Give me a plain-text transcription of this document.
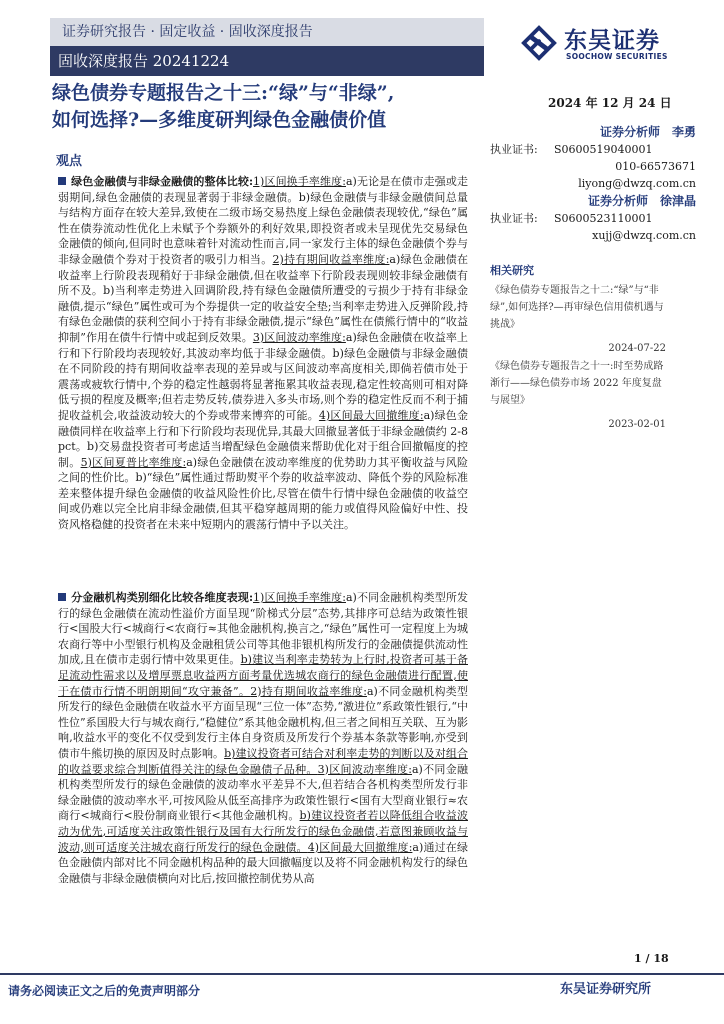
证券研究报告 · 固定收益 · 固收深度报告
固收深度报告 20241224
东吴证券
SOOCHOW SECURITIES
绿色债券专题报告之十三:“绿”与“非绿”,
如何选择?—多维度研判绿色金融债价值
2024 年 12 月 24 日
证券分析师　李勇
执业证书: S0600519040001
010-66573671
liyong@dwzq.com.cn
证券分析师　徐津晶
执业证书: S0600523110001
xujj@dwzq.com.cn
观点
绿色金融债与非绿金融债的整体比较:1)区间换手率维度:a)无论是在债市走强或走弱期间,绿色金融债的表现显著弱于非绿金融债。b)绿色金融债与非绿金融债间总量与结构方面存在较大差异,致使在二级市场交易热度上绿色金融债表现较优,“绿色”属性在债券流动性优化上未赋予个券额外的利好效果,即投资者或未呈现优先交易绿色金融债的倾向,但同时也意味着针对流动性而言,同一家发行主体的绿色金融债个券与非绿金融债个券对于投资者的吸引力相当。2)持有期间收益率维度:a)绿色金融债在收益率上行阶段表现稍好于非绿金融债,但在收益率下行阶段表现则较非绿金融债有所不及。b)当利率走势进入回调阶段,持有绿色金融债所遭受的亏损少于持有非绿金融债,提示“绿色”属性或可为个券提供一定的收益安全垫;当利率走势进入反弹阶段,持有绿色金融债的获利空间小于持有非绿金融债,提示“绿色”属性在债熊行情中的“收益抑制”作用在债牛行情中或起到反效果。3)区间波动率维度:a)绿色金融债在收益率上行和下行阶段均表现较好,其波动率均低于非绿金融债。b)绿色金融债与非绿金融债在不同阶段的持有期间收益率表现的差异或与区间波动率高度相关,即倘若债市处于震荡或疲软行情中,个券的稳定性越弱将显著拖累其收益表现,稳定性较高则可相对降低亏损的程度及概率;但若走势反转,债券进入多头市场,则个券的稳定性反而不利于捕捉收益机会,收益波动较大的个券或带来博弈的可能。4)区间最大回撤维度:a)绿色金融债同样在收益率上行和下行阶段均表现优异,其最大回撤显著低于非绿金融债约 2-8 pct。b)交易盘投资者可考虑适当增配绿色金融债来帮助优化对于组合回撤幅度的控制。5)区间夏普比率维度:a)绿色金融债在波动率维度的优势助力其平衡收益与风险之间的性价比。b)“绿色”属性通过帮助熨平个券的收益率波动、降低个券的风险标准差来整体提升绿色金融债的收益风险性价比,尽管在债牛行情中绿色金融债的收益空间或仍难以完全比肩非绿金融债,但其平稳穿越周期的能力或值得风险偏好中性、投资风格稳健的投资者在未来中短期内的震荡行情中予以关注。
分金融机构类别细化比较各维度表现:1)区间换手率维度:a)不同金融机构类型所发行的绿色金融债在流动性溢价方面呈现“阶梯式分层”态势,其排序可总结为政策性银行<国股大行<城商行<农商行≈其他金融机构,换言之,“绿色”属性可一定程度上为城农商行等中小型银行机构及金融租赁公司等其他非银机构所发行的金融债提供流动性加成,且在债市走弱行情中效果更佳。b)建议当利率走势转为上行时,投资者可基于备足流动性需求以及增厚票息收益两方面考量优选城农商行的绿色金融债进行配置,使于在债市行情不明朗期间“攻守兼备”。2)持有期间收益率维度:a)不同金融机构类型所发行的绿色金融债在收益水平方面呈现“三位一体”态势,“激进位”系政策性银行,“中性位”系国股大行与城农商行,“稳健位”系其他金融机构,但三者之间相互关联、互为影响,收益水平的变化不仅受到发行主体自身资质及所发行个券基本条款等影响,亦受到债市牛熊切换的原因及时点影响。b)建议投资者可结合对利率走势的判断以及对组合的收益要求综合判断值得关注的绿色金融债子品种。3)区间波动率维度:a)不同金融机构类型所发行的绿色金融债的波动率水平差异不大,但若结合各机构类型所发行非绿金融债的波动率水平,可按风险从低至高排序为政策性银行<国有大型商业银行≈农商行<城商行<股份制商业银行<其他金融机构。b)建议投资者若以降低组合收益波动为优先,可适度关注政策性银行及国有大行所发行的绿色金融债,若意图兼顾收益与波动,则可适度关注城农商行所发行的绿色金融债。4)区间最大回撤维度:a)通过在绿色金融债内部对比不同金融机构品种的最大回撤幅度以及将不同金融机构发行的绿色金融债与非绿金融债横向对比后,按回撤控制优势从高
相关研究
《绿色债券专题报告之十二:“绿”与“非绿”,如何选择?—再审绿色信用债机遇与挑战》
2024-07-22
《绿色债券专题报告之十一:时至势成路渐行——绿色债券市场 2022 年度复盘与展望》
2023-02-01
1 / 18
请务必阅读正文之后的免责声明部分	东吴证券研究所
